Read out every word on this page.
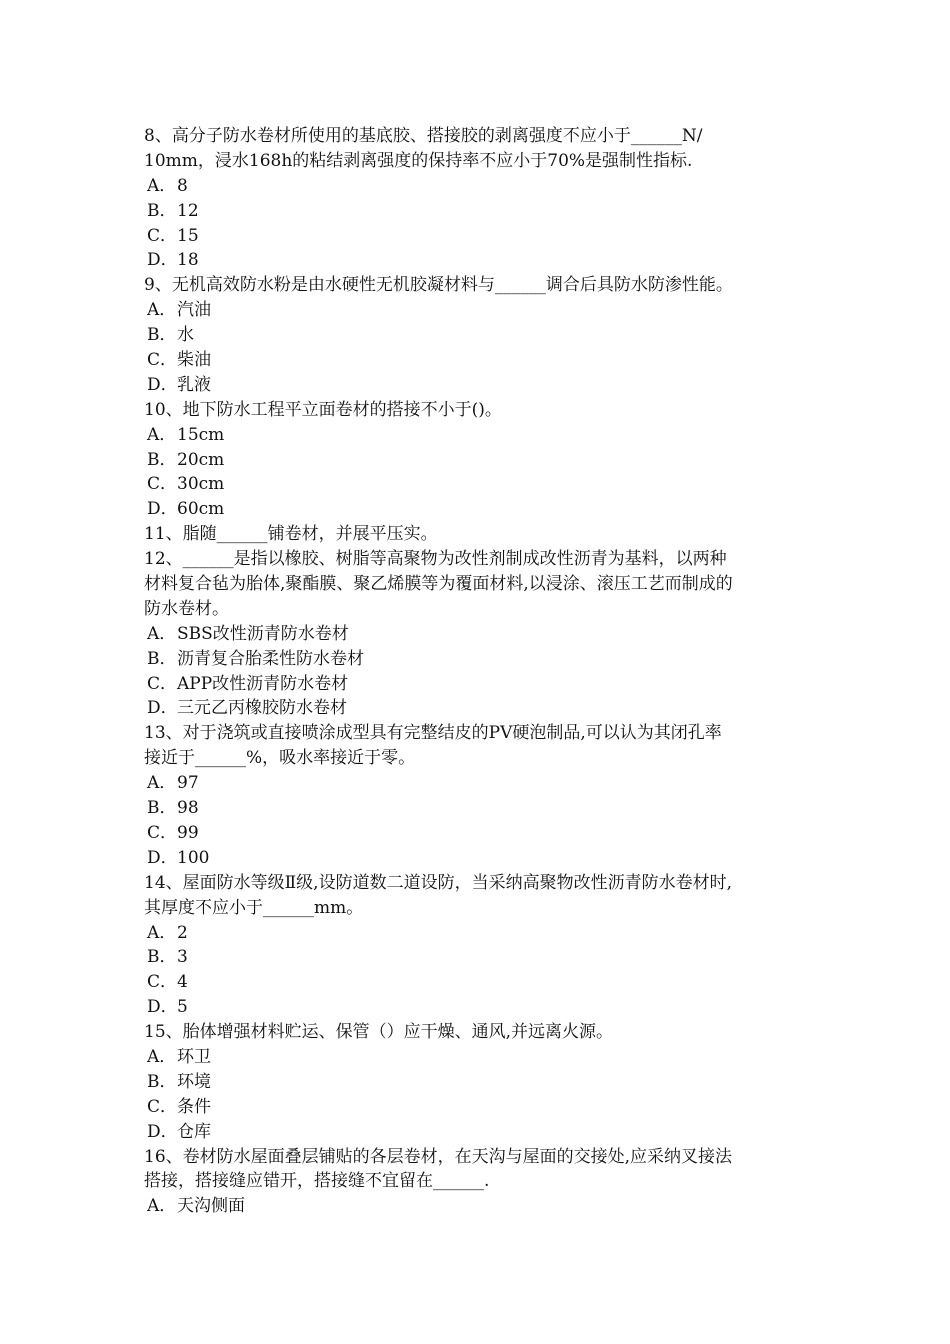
8、高分子防水卷材所使用的基底胶、搭接胶的剥离强度不应小于______N/
10mm，浸水168h的粘结剥离强度的保持率不应小于70%是强制性指标.
A．8
B．12
C．15
D．18
9、无机高效防水粉是由水硬性无机胶凝材料与______调合后具防水防渗性能。
A．汽油
B．水
C．柴油
D．乳液
10、地下防水工程平立面卷材的搭接不小于()。
A．15cm
B．20cm
C．30cm
D．60cm
11、脂随______铺卷材，并展平压实。
12、______是指以橡胶、树脂等高聚物为改性剂制成改性沥青为基料，以两种
材料复合毡为胎体,聚酯膜、聚乙烯膜等为覆面材料,以浸涂、滚压工艺而制成的
防水卷材。
A．SBS改性沥青防水卷材
B．沥青复合胎柔性防水卷材
C．APP改性沥青防水卷材
D．三元乙丙橡胶防水卷材
13、对于浇筑或直接喷涂成型具有完整结皮的PV硬泡制品,可以认为其闭孔率
接近于______%，吸水率接近于零。
A．97
B．98
C．99
D．100
14、屋面防水等级Ⅱ级,设防道数二道设防，当采纳高聚物改性沥青防水卷材时,
其厚度不应小于______mm。
A．2
B．3
C．4
D．5
15、胎体增强材料贮运、保管（）应干燥、通风,并远离火源。
A．环卫
B．环境
C．条件
D．仓库
16、卷材防水屋面叠层铺贴的各层卷材，在天沟与屋面的交接处,应采纳叉接法
搭接，搭接缝应错开，搭接缝不宜留在______.
A．天沟侧面
